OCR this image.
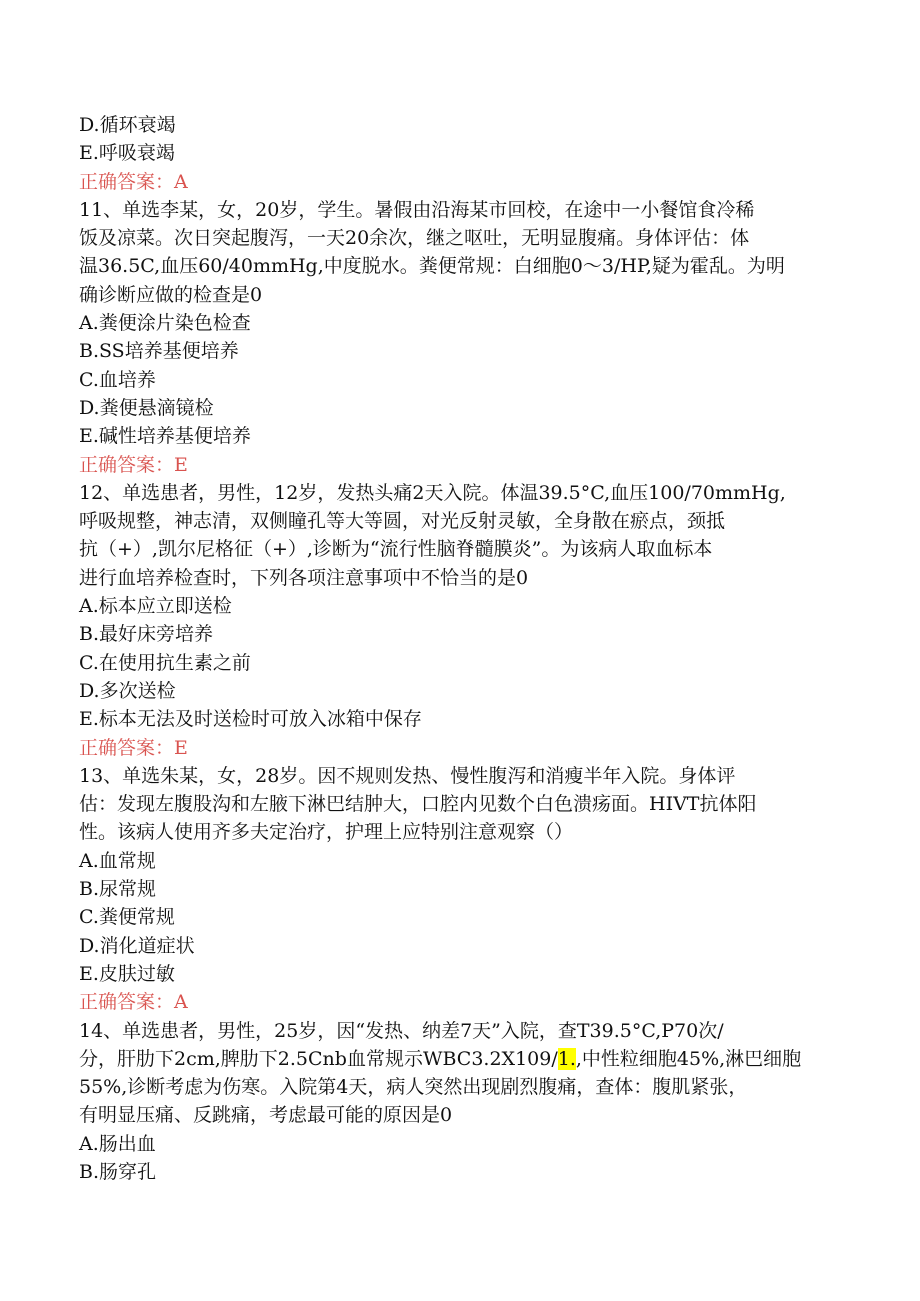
D.循环衰竭
E.呼吸衰竭
正确答案：A
11、单选李某，女，20岁，学生。暑假由沿海某市回校，在途中一小餐馆食冷稀
饭及凉菜。次日突起腹泻，一天20余次，继之呕吐，无明显腹痛。身体评估：体
温36.5C,血压60/40mmHg,中度脱水。粪便常规：白细胞0～3/HP,疑为霍乱。为明
确诊断应做的检查是0
A.粪便涂片染色检查
B.SS培养基便培养
C.血培养
D.粪便悬滴镜检
E.碱性培养基便培养
正确答案：E
12、单选患者，男性，12岁，发热头痛2天入院。体温39.5°C,血压100/70mmHg,
呼吸规整，神志清，双侧瞳孔等大等圆，对光反射灵敏，全身散在瘀点，颈抵
抗（+）,凯尔尼格征（+）,诊断为“流行性脑脊髓膜炎”。为该病人取血标本
进行血培养检查时，下列各项注意事项中不恰当的是0
A.标本应立即送检
B.最好床旁培养
C.在使用抗生素之前
D.多次送检
E.标本无法及时送检时可放入冰箱中保存
正确答案：E
13、单选朱某，女，28岁。因不规则发热、慢性腹泻和消瘦半年入院。身体评
估：发现左腹股沟和左腋下淋巴结肿大，口腔内见数个白色溃疡面。HIVT抗体阳
性。该病人使用齐多夫定治疗，护理上应特别注意观察（）
A.血常规
B.尿常规
C.粪便常规
D.消化道症状
E.皮肤过敏
正确答案：A
14、单选患者，男性，25岁，因“发热、纳差7天”入院，查T39.5°C,P70次/
分，肝肋下2cm,脾肋下2.5Cnb血常规示WBC3.2X109/1.,中性粒细胞45%,淋巴细胞
55%,诊断考虑为伤寒。入院第4天，病人突然出现剧烈腹痛，查体：腹肌紧张，
有明显压痛、反跳痛，考虑最可能的原因是0
A.肠出血
B.肠穿孔
